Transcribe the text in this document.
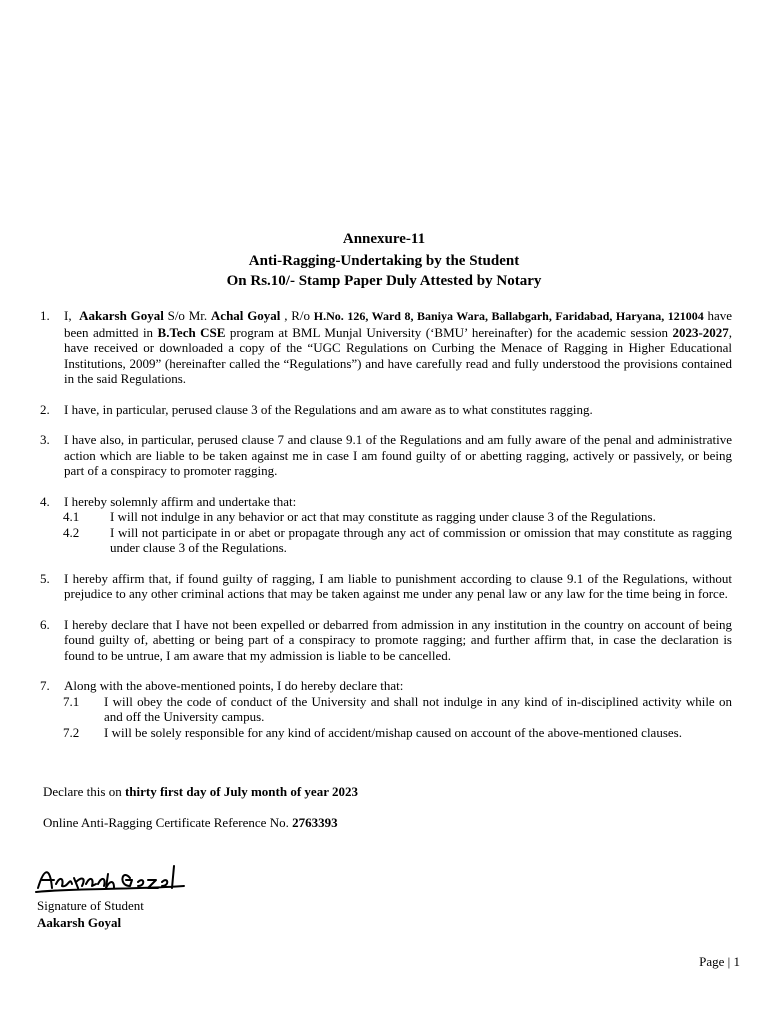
Annexure-11
Anti-Ragging-Undertaking by the Student
On Rs.10/- Stamp Paper Duly Attested by Notary
1. I, Aakarsh Goyal S/o Mr. Achal Goyal , R/o H.No. 126, Ward 8, Baniya Wara, Ballabgarh, Faridabad, Haryana, 121004 have been admitted in B.Tech CSE program at BML Munjal University (‘BMU’ hereinafter) for the academic session 2023-2027, have received or downloaded a copy of the “UGC Regulations on Curbing the Menace of Ragging in Higher Educational Institutions, 2009” (hereinafter called the “Regulations”) and have carefully read and fully understood the provisions contained in the said Regulations.
2. I have, in particular, perused clause 3 of the Regulations and am aware as to what constitutes ragging.
3. I have also, in particular, perused clause 7 and clause 9.1 of the Regulations and am fully aware of the penal and administrative action which are liable to be taken against me in case I am found guilty of or abetting ragging, actively or passively, or being part of a conspiracy to promoter ragging.
4. I hereby solemnly affirm and undertake that:
4.1 I will not indulge in any behavior or act that may constitute as ragging under clause 3 of the Regulations.
4.2 I will not participate in or abet or propagate through any act of commission or omission that may constitute as ragging under clause 3 of the Regulations.
5. I hereby affirm that, if found guilty of ragging, I am liable to punishment according to clause 9.1 of the Regulations, without prejudice to any other criminal actions that may be taken against me under any penal law or any law for the time being in force.
6. I hereby declare that I have not been expelled or debarred from admission in any institution in the country on account of being found guilty of, abetting or being part of a conspiracy to promote ragging; and further affirm that, in case the declaration is found to be untrue, I am aware that my admission is liable to be cancelled.
7. Along with the above-mentioned points, I do hereby declare that:
7.1 I will obey the code of conduct of the University and shall not indulge in any kind of in-disciplined activity while on and off the University campus.
7.2 I will be solely responsible for any kind of accident/mishap caused on account of the above-mentioned clauses.
Declare this on thirty first day of July month of year 2023
Online Anti-Ragging Certificate Reference No. 2763393
Signature of Student
Aakarsh Goyal
Page | 1
